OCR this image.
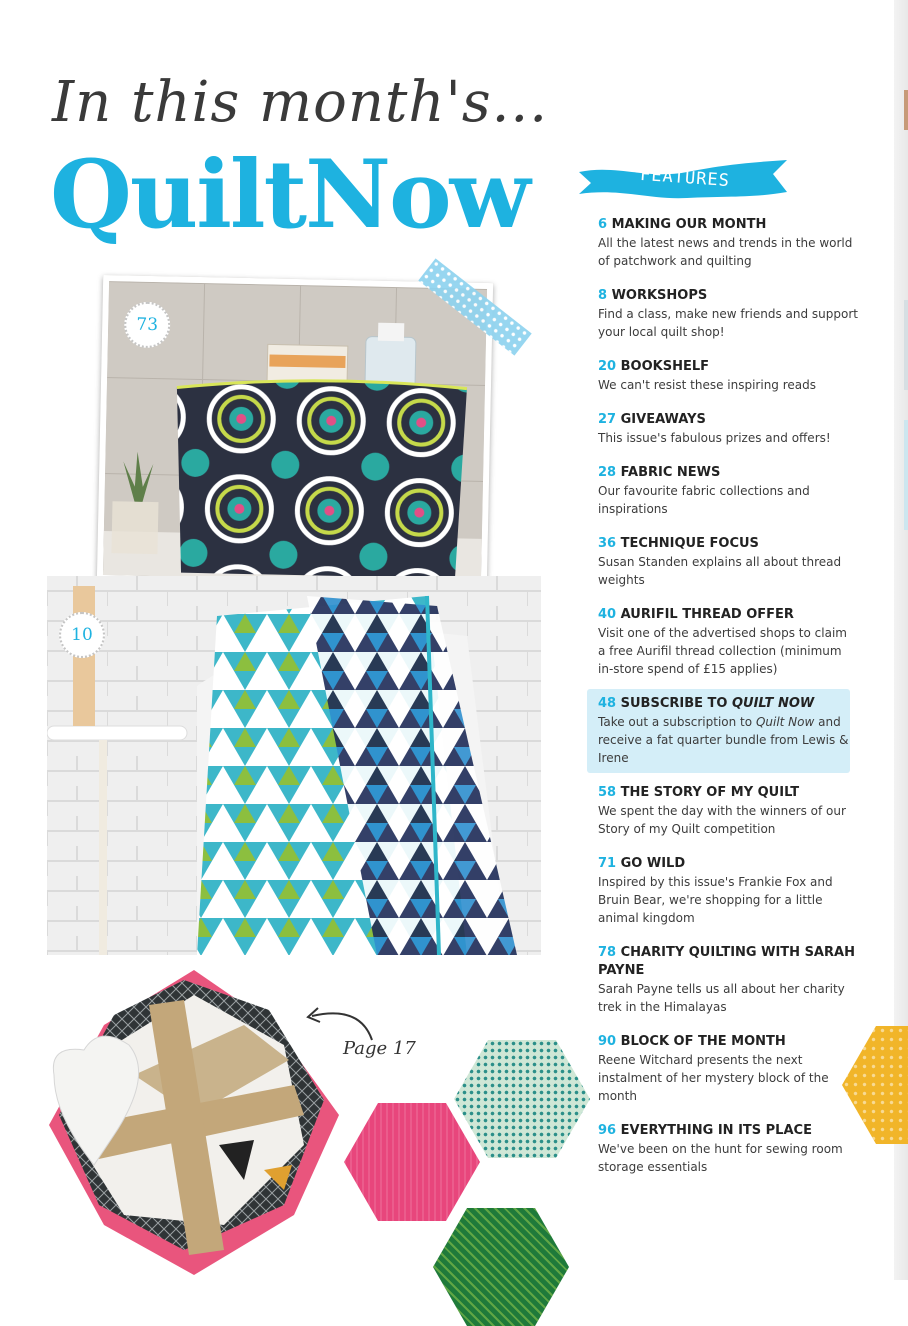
In this month's...
QuiltNow	FEATURES
73
10
Page 17
6 MAKING OUR MONTH
All the latest news and trends in the world of patchwork and quilting
8 WORKSHOPS
Find a class, make new friends and support your local quilt shop!
20 BOOKSHELF
We can't resist these inspiring reads
27 GIVEAWAYS
This issue's fabulous prizes and offers!
28 FABRIC NEWS
Our favourite fabric collections and inspirations
36 TECHNIQUE FOCUS
Susan Standen explains all about thread weights
40 AURIFIL THREAD OFFER
Visit one of the advertised shops to claim a free Aurifil thread collection (minimum in-store spend of £15 applies)
48 SUBSCRIBE TO QUILT NOW
Take out a subscription to Quilt Now and receive a fat quarter bundle from Lewis & Irene
58 THE STORY OF MY QUILT
We spent the day with the winners of our Story of my Quilt competition
71 GO WILD
Inspired by this issue's Frankie Fox and Bruin Bear, we're shopping for a little animal kingdom
78 CHARITY QUILTING WITH SARAH PAYNE
Sarah Payne tells us all about her charity trek in the Himalayas
90 BLOCK OF THE MONTH
Reene Witchard presents the next instalment of her mystery block of the month
96 EVERYTHING IN ITS PLACE
We've been on the hunt for sewing room storage essentials
